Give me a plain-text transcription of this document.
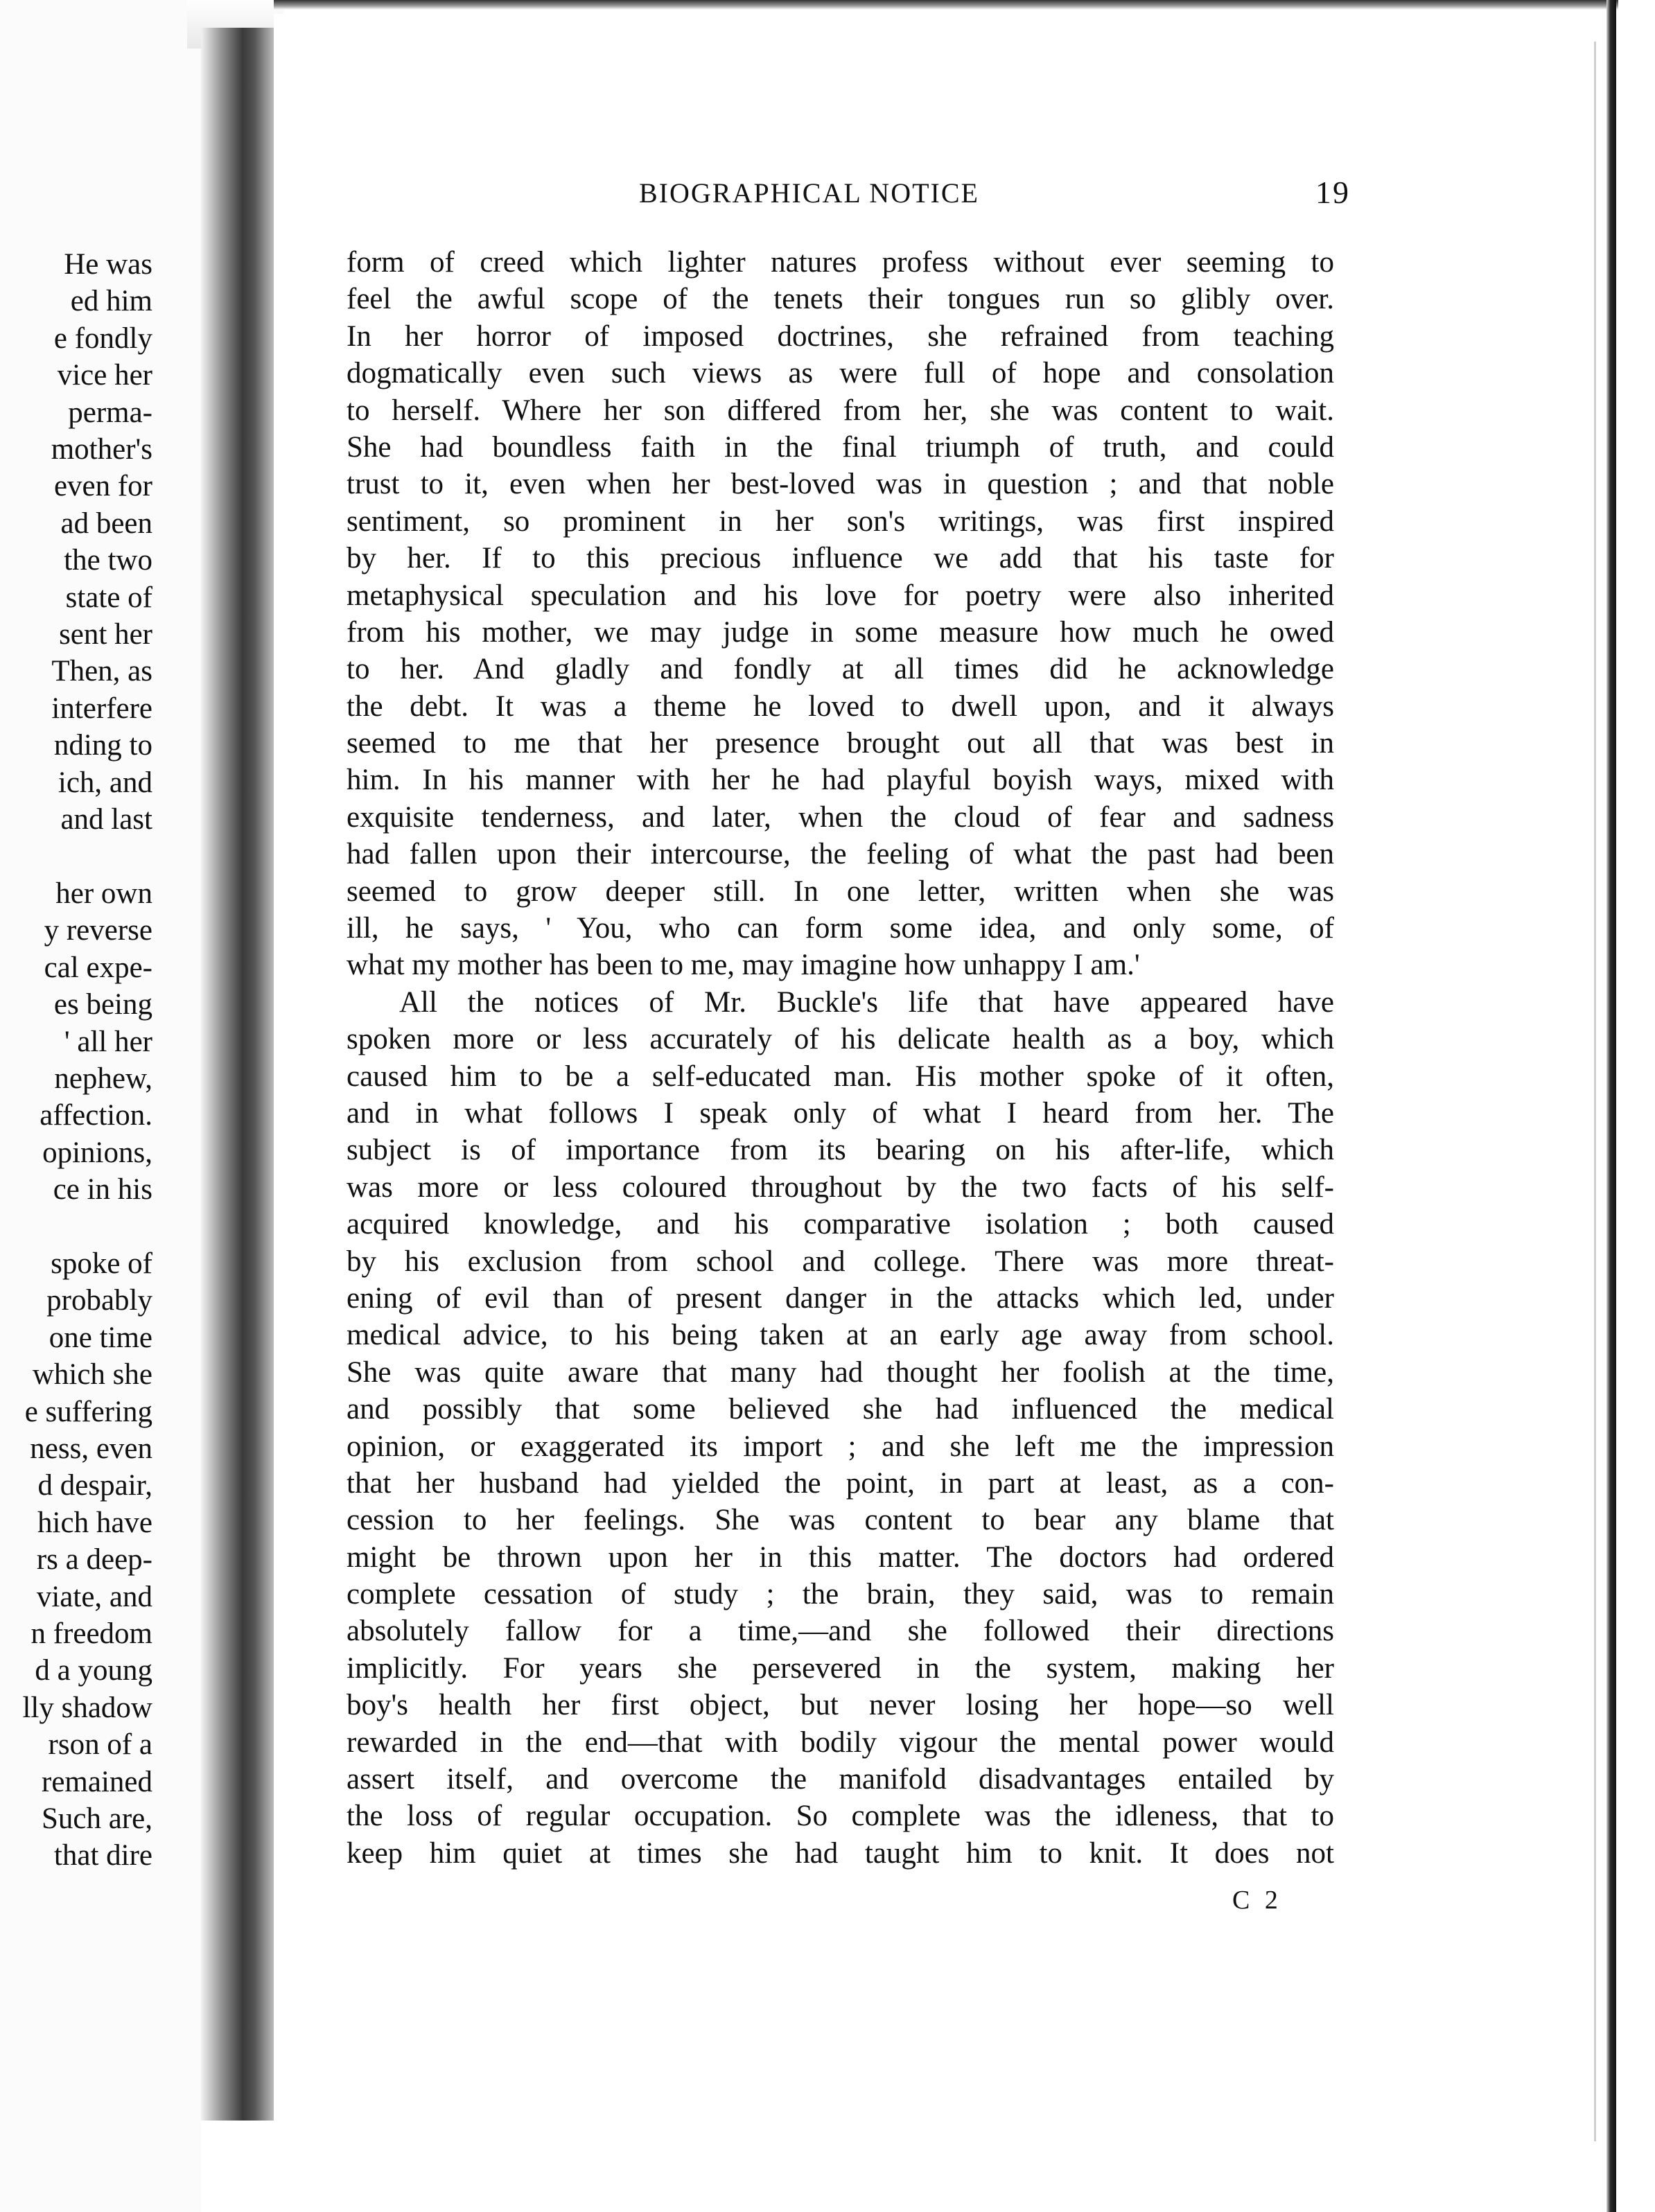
He was
ed him
e fondly
vice her
perma-
mother's
even for
ad been
the two
state of
sent her
Then, as
interfere
nding to
ich, and
and last
her own
y reverse
cal expe-
es being
' all her
nephew,
affection.
opinions,
ce in his
spoke of
probably
one time
which she
e suffering
ness, even
d despair,
hich have
rs a deep-
viate, and
n freedom
d a young
lly shadow
rson of a
remained
Such are,
that dire
BIOGRAPHICAL NOTICE	19
form of creed which lighter natures profess without ever seeming to
feel the awful scope of the tenets their tongues run so glibly over.
In her horror of imposed doctrines, she refrained from teaching
dogmatically even such views as were full of hope and consolation
to herself. Where her son differed from her, she was content to wait.
She had boundless faith in the final triumph of truth, and could
trust to it, even when her best-loved was in question ; and that noble
sentiment, so prominent in her son's writings, was first inspired
by her. If to this precious influence we add that his taste for
metaphysical speculation and his love for poetry were also inherited
from his mother, we may judge in some measure how much he owed
to her. And gladly and fondly at all times did he acknowledge
the debt. It was a theme he loved to dwell upon, and it always
seemed to me that her presence brought out all that was best in
him. In his manner with her he had playful boyish ways, mixed with
exquisite tenderness, and later, when the cloud of fear and sadness
had fallen upon their intercourse, the feeling of what the past had been
seemed to grow deeper still. In one letter, written when she was
ill, he says, ' You, who can form some idea, and only some, of
what my mother has been to me, may imagine how unhappy I am.'
All the notices of Mr. Buckle's life that have appeared have
spoken more or less accurately of his delicate health as a boy, which
caused him to be a self-educated man. His mother spoke of it often,
and in what follows I speak only of what I heard from her. The
subject is of importance from its bearing on his after-life, which
was more or less coloured throughout by the two facts of his self-
acquired knowledge, and his comparative isolation ; both caused
by his exclusion from school and college. There was more threat-
ening of evil than of present danger in the attacks which led, under
medical advice, to his being taken at an early age away from school.
She was quite aware that many had thought her foolish at the time,
and possibly that some believed she had influenced the medical
opinion, or exaggerated its import ; and she left me the impression
that her husband had yielded the point, in part at least, as a con-
cession to her feelings. She was content to bear any blame that
might be thrown upon her in this matter. The doctors had ordered
complete cessation of study ; the brain, they said, was to remain
absolutely fallow for a time,—and she followed their directions
implicitly. For years she persevered in the system, making her
boy's health her first object, but never losing her hope—so well
rewarded in the end—that with bodily vigour the mental power would
assert itself, and overcome the manifold disadvantages entailed by
the loss of regular occupation. So complete was the idleness, that to
keep him quiet at times she had taught him to knit. It does not
C 2
